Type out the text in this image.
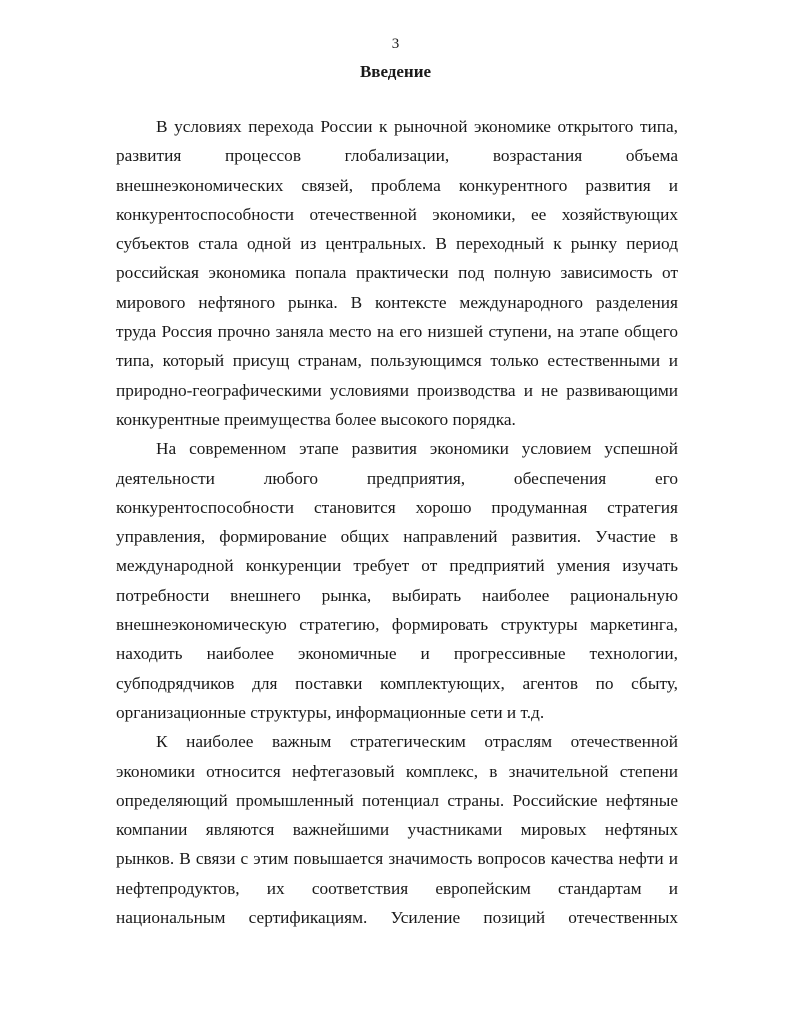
3
Введение
В условиях перехода России к рыночной экономике открытого типа,
развития процессов глобализации, возрастания объема
внешнеэкономических связей, проблема конкурентного развития и
конкурентоспособности отечественной экономики, ее хозяйствующих
субъектов стала одной из центральных. В переходный к рынку период
российская экономика попала практически под полную зависимость от
мирового нефтяного рынка. В контексте международного разделения
труда Россия прочно заняла место на его низшей ступени, на этапе общего
типа, который присущ странам, пользующимся только естественными и
природно-географическими условиями производства и не развивающими
конкурентные преимущества более высокого порядка.
На современном этапе развития экономики условием успешной
деятельности любого предприятия, обеспечения его
конкурентоспособности становится хорошо продуманная стратегия
управления, формирование общих направлений развития. Участие в
международной конкуренции требует от предприятий умения изучать
потребности внешнего рынка, выбирать наиболее рациональную
внешнеэкономическую стратегию, формировать структуры маркетинга,
находить наиболее экономичные и прогрессивные технологии,
субподрядчиков для поставки комплектующих, агентов по сбыту,
организационные структуры, информационные сети и т.д.
К наиболее важным стратегическим отраслям отечественной
экономики относится нефтегазовый комплекс, в значительной степени
определяющий промышленный потенциал страны. Российские нефтяные
компании являются важнейшими участниками мировых нефтяных
рынков. В связи с этим повышается значимость вопросов качества нефти и
нефтепродуктов, их соответствия европейским стандартам и
национальным сертификациям. Усиление позиций отечественных
